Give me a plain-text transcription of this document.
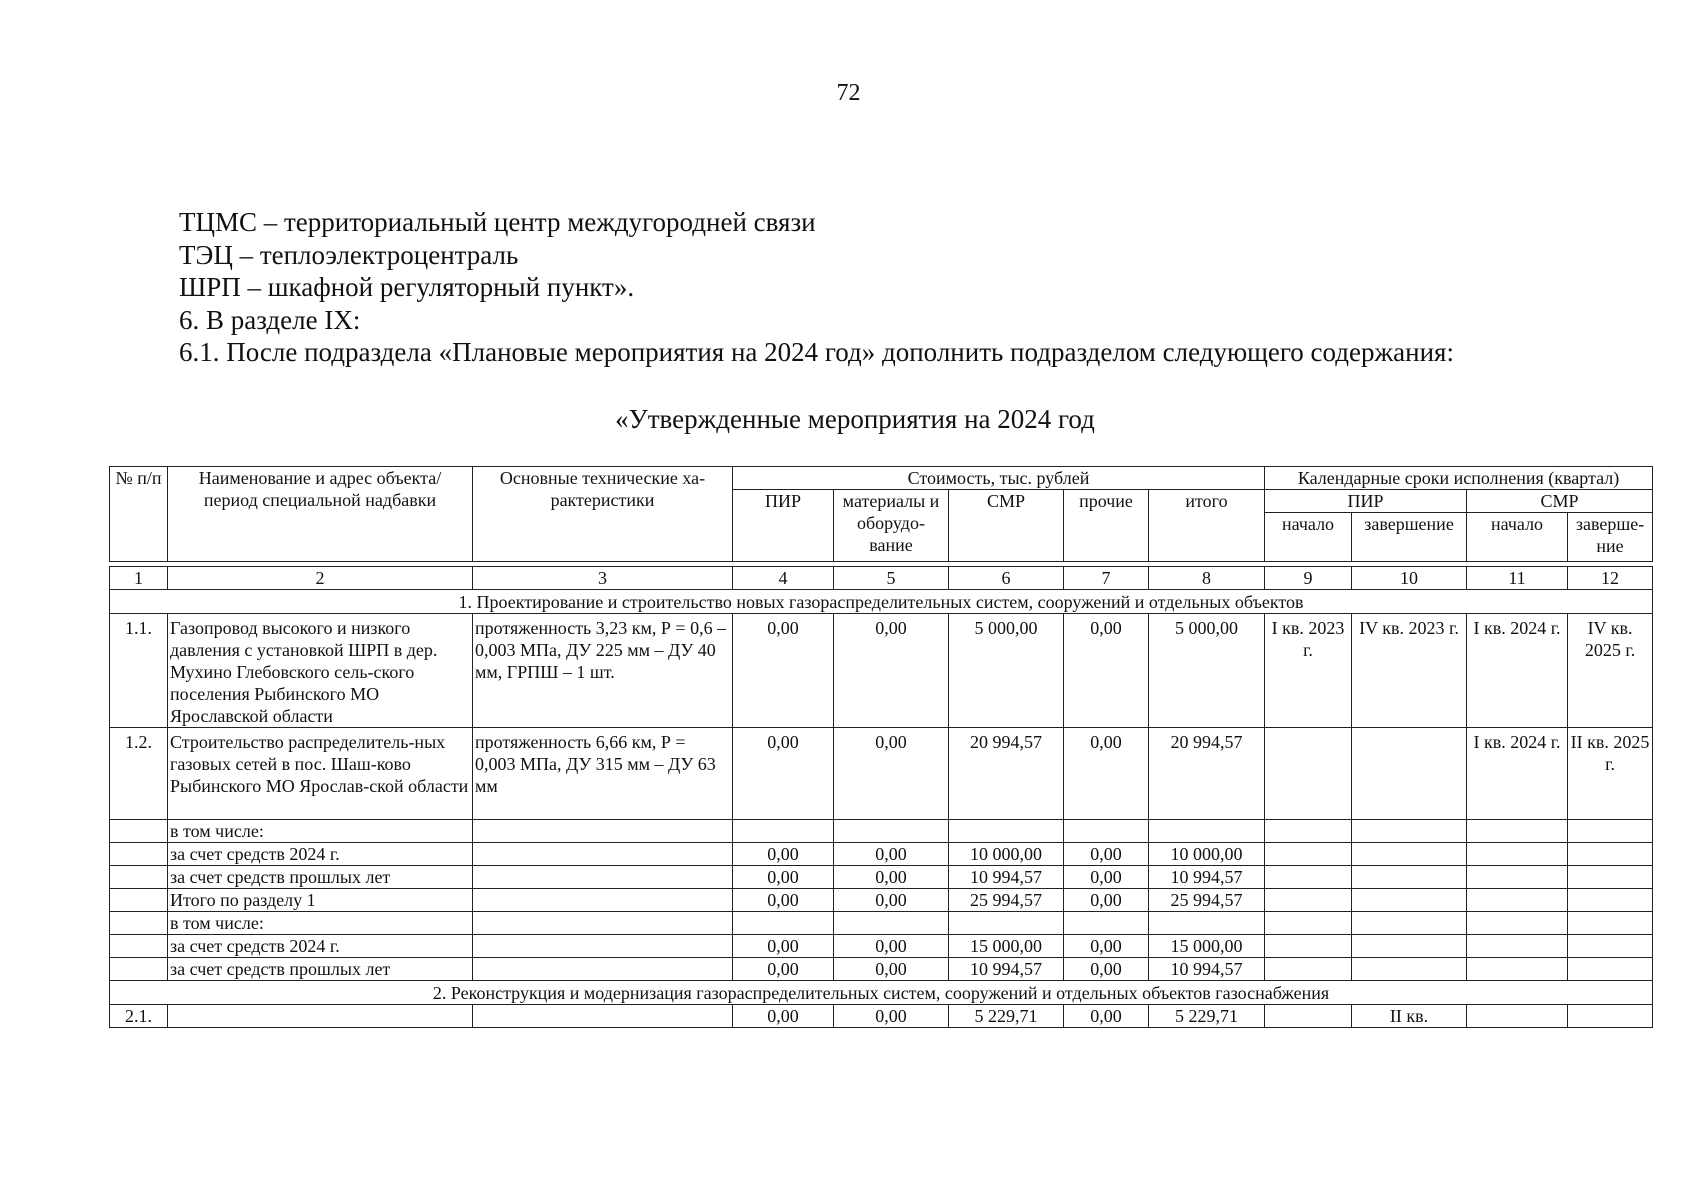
72
ТЦМС – территориальный центр междугородней связи
ТЭЦ – теплоэлектроцентраль
ШРП – шкафной регуляторный пункт».
6. В разделе IX:
6.1. После подраздела «Плановые мероприятия на 2024 год» дополнить подразделом следующего содержания:
«Утвержденные мероприятия на 2024 год
№ п/п	Наименование и адрес объекта/ период специальной надбавки	Основные технические ха-рактеристики	Стоимость, тыс. рублей					Календарные сроки исполнения (квартал)			
			ПИР	материалы и оборудо-вание	СМР	прочие	итого	ПИР		СМР	
								начало	завершение	начало	заверше-ние

1	2	3	4	5	6	7	8	9	10	11	12
1. Проектирование и строительство новых газораспределительных систем, сооружений и отдельных объектов											
1.1.	Газопровод высокого и низкого давления с установкой ШРП в дер. Мухино Глебовского сель-ского поселения Рыбинского МО Ярославской области	протяженность 3,23 км, Р = 0,6 – 0,003 МПа, ДУ 225 мм – ДУ 40 мм, ГРПШ – 1 шт.	0,00	0,00	5 000,00	0,00	5 000,00	I кв. 2023 г.	IV кв. 2023 г.	I кв. 2024 г.	IV кв. 2025 г.
1.2.	Строительство распределитель-ных газовых сетей в пос. Шаш-ково Рыбинского МО Ярослав-ской области	протяженность 6,66 км, Р = 0,003 МПа, ДУ 315 мм – ДУ 63 мм	0,00	0,00	20 994,57	0,00	20 994,57			I кв. 2024 г.	II кв. 2025 г.
	в том числе:										
	за счет средств 2024 г.		0,00	0,00	10 000,00	0,00	10 000,00				
	за счет средств прошлых лет		0,00	0,00	10 994,57	0,00	10 994,57				
	Итого по разделу 1		0,00	0,00	25 994,57	0,00	25 994,57				
	в том числе:										
	за счет средств 2024 г.		0,00	0,00	15 000,00	0,00	15 000,00				
	за счет средств прошлых лет		0,00	0,00	10 994,57	0,00	10 994,57				
2. Реконструкция и модернизация газораспределительных систем, сооружений и отдельных объектов газоснабжения											
2.1.			0,00	0,00	5 229,71	0,00	5 229,71		II кв.		
